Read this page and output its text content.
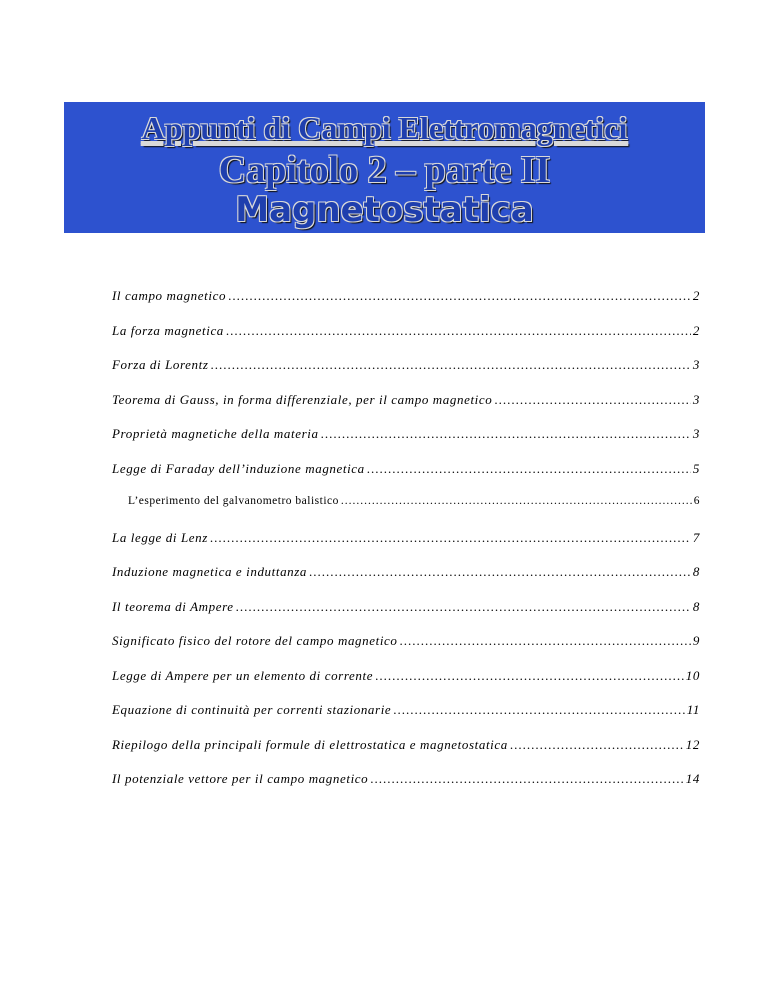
Appunti di Campi Elettromagnetici
Capitolo 2 – parte II
Magnetostatica
Il campo magnetico .....	2
La forza magnetica .....	2
Forza di Lorentz .....	3
Teorema di Gauss, in forma differenziale, per il campo magnetico .....	3
Proprietà magnetiche della materia .....	3
Legge di Faraday dell’induzione magnetica .....	5
L’esperimento del galvanometro balistico .....	6
La legge di Lenz .....	7
Induzione magnetica e induttanza .....	8
Il teorema di Ampere .....	8
Significato fisico del rotore del campo magnetico .....	9
Legge di Ampere per un elemento di corrente .....	10
Equazione di continuità per correnti stazionarie .....	11
Riepilogo della principali formule di elettrostatica e magnetostatica .....	12
Il potenziale vettore per il campo magnetico .....	14
